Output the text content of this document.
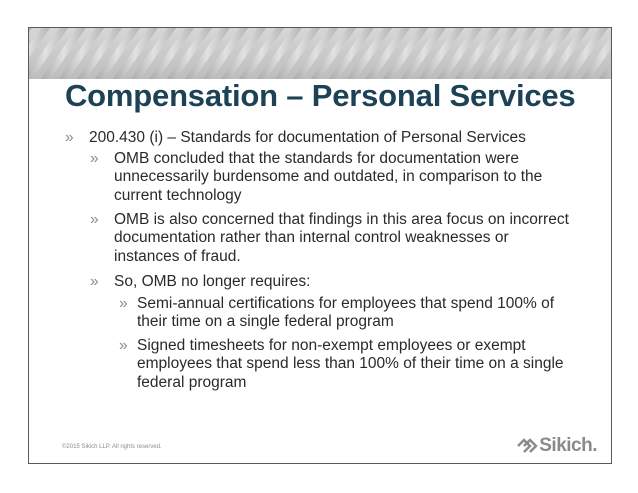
Compensation – Personal Services
» 200.430 (i) – Standards for documentation of Personal Services
» OMB concluded that the standards for documentation were unnecessarily burdensome and outdated, in comparison to the current technology
» OMB is also concerned that findings in this area focus on incorrect documentation rather than internal control weaknesses or instances of fraud.
» So, OMB no longer requires:
» Semi-annual certifications for employees that spend 100% of their time on a single federal program
» Signed timesheets for non-exempt employees or exempt employees that spend less than 100% of their time on a single federal program
©2015 Sikich LLP. All rights reserved.	Sikich.
